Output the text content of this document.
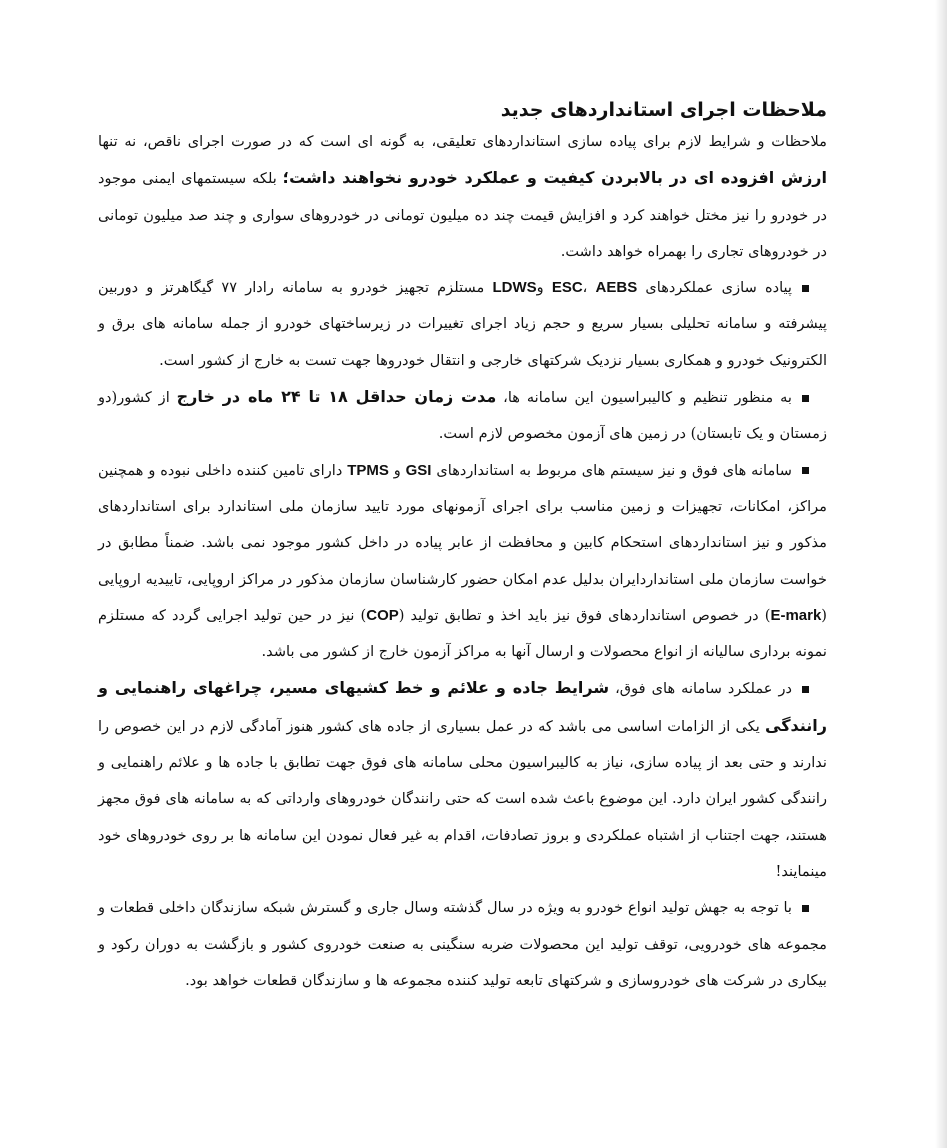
ملاحظات اجرای استانداردهای جدید

ملاحظات و شرایط لازم برای پیاده سازی استانداردهای تعلیقی، به گونه ای است که در صورت اجرای ناقص، نه تنها ارزش افزوده ای در بالابردن کیفیت و عملکرد خودرو نخواهند داشت؛ بلکه سیستمهای ایمنی موجود در خودرو را نیز مختل خواهند کرد و افزایش قیمت چند ده میلیون تومانی در خودروهای سواری و چند صد میلیون تومانی در خودروهای تجاری را بهمراه خواهد داشت.

پیاده سازی عملکردهای ESC، AEBS وLDWS مستلزم تجهیز خودرو به سامانه رادار ۷۷ گیگاهرتز و دوربین پیشرفته و سامانه تحلیلی بسیار سریع و حجم زیاد اجرای تغییرات در زیرساختهای خودرو از جمله سامانه های برق و الکترونیک خودرو و همکاری بسیار نزدیک شرکتهای خارجی و انتقال خودروها جهت تست به خارج از کشور است.

به منظور تنظیم و کالیبراسیون این سامانه ها، مدت زمان حداقل ۱۸ تا ۲۴ ماه در خارج از کشور(دو زمستان و یک تابستان) در زمین های آزمون مخصوص لازم است.

سامانه های فوق و نیز سیستم های مربوط به استانداردهای GSI و TPMS دارای تامین کننده داخلی نبوده و همچنین مراکز، امکانات، تجهیزات و زمین مناسب برای اجرای آزمونهای مورد تایید سازمان ملی استاندارد برای استانداردهای مذکور و نیز استانداردهای استحکام کابین و محافظت از عابر پیاده در داخل کشور موجود نمی باشد. ضمناً مطابق در خواست سازمان ملی استانداردایران بدلیل عدم امکان حضور کارشناسان سازمان مذکور در مراکز اروپایی، تاییدیه اروپایی (E-mark) در خصوص استانداردهای فوق نیز باید اخذ و تطابق تولید (COP) نیز در حین تولید اجرایی گردد که مستلزم نمونه برداری سالیانه از انواع محصولات و ارسال آنها به مراکز آزمون خارج از کشور می باشد.

در عملکرد سامانه های فوق، شرایط جاده و علائم و خط کشیهای مسیر، چراغهای راهنمایی و رانندگی یکی از الزامات اساسی می باشد که در عمل بسیاری از جاده های کشور هنوز آمادگی لازم در این خصوص را ندارند و حتی بعد از پیاده سازی، نیاز به کالیبراسیون محلی سامانه های فوق جهت تطابق با جاده ها و علائم راهنمایی و رانندگی کشور ایران دارد. این موضوع باعث شده است که حتی رانندگان خودروهای وارداتی که به سامانه های فوق مجهز هستند، جهت اجتناب از اشتباه عملکردی و بروز تصادفات، اقدام به غیر فعال نمودن این سامانه ها بر روی خودروهای خود مینمایند!

با توجه به جهش تولید انواع خودرو به ویژه در سال گذشته وسال جاری و گسترش شبکه سازندگان داخلی قطعات و مجموعه های خودرویی، توقف تولید این محصولات ضربه سنگینی به صنعت خودروی کشور و بازگشت به دوران رکود و بیکاری در شرکت های خودروسازی و شرکتهای تابعه تولید کننده مجموعه ها و سازندگان قطعات خواهد بود.
